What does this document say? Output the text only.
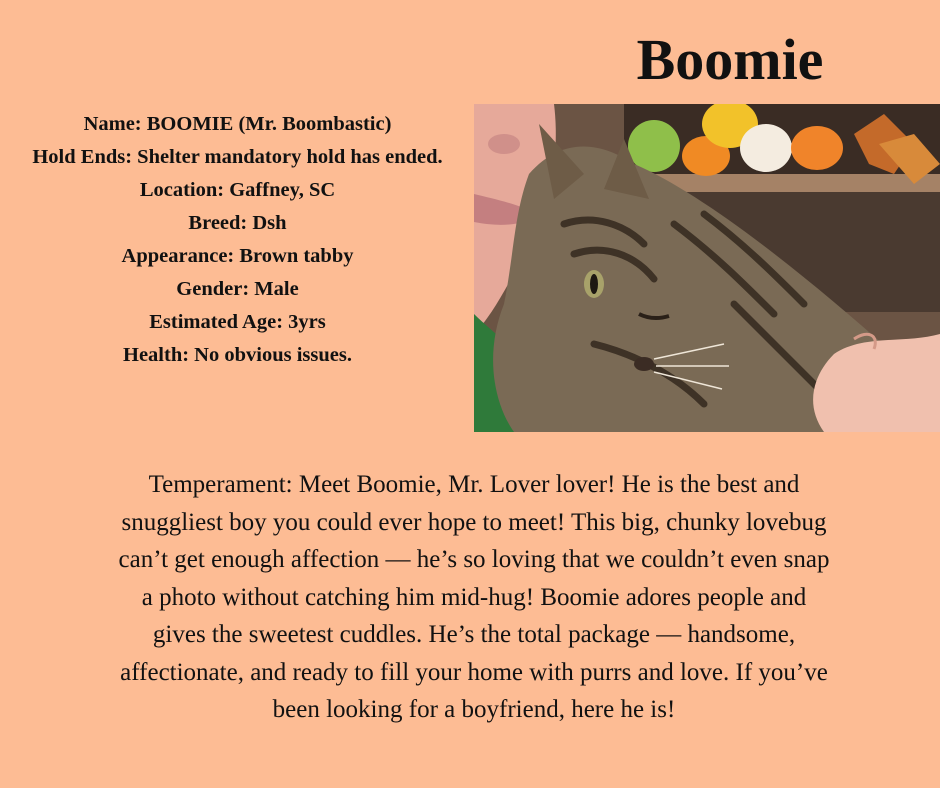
Boomie
Name: BOOMIE (Mr. Boombastic)
Hold Ends: Shelter mandatory hold has ended.
Location: Gaffney, SC
Breed: Dsh
Appearance: Brown tabby
Gender: Male
Estimated Age: 3yrs
Health: No obvious issues.

Temperament: Meet Boomie, Mr. Lover lover! He is the best and snuggliest boy you could ever hope to meet! This big, chunky lovebug can’t get enough affection — he’s so loving that we couldn’t even snap a photo without catching him mid-hug! Boomie adores people and gives the sweetest cuddles. He’s the total package — handsome, affectionate, and ready to fill your home with purrs and love. If you’ve been looking for a boyfriend, here he is!
